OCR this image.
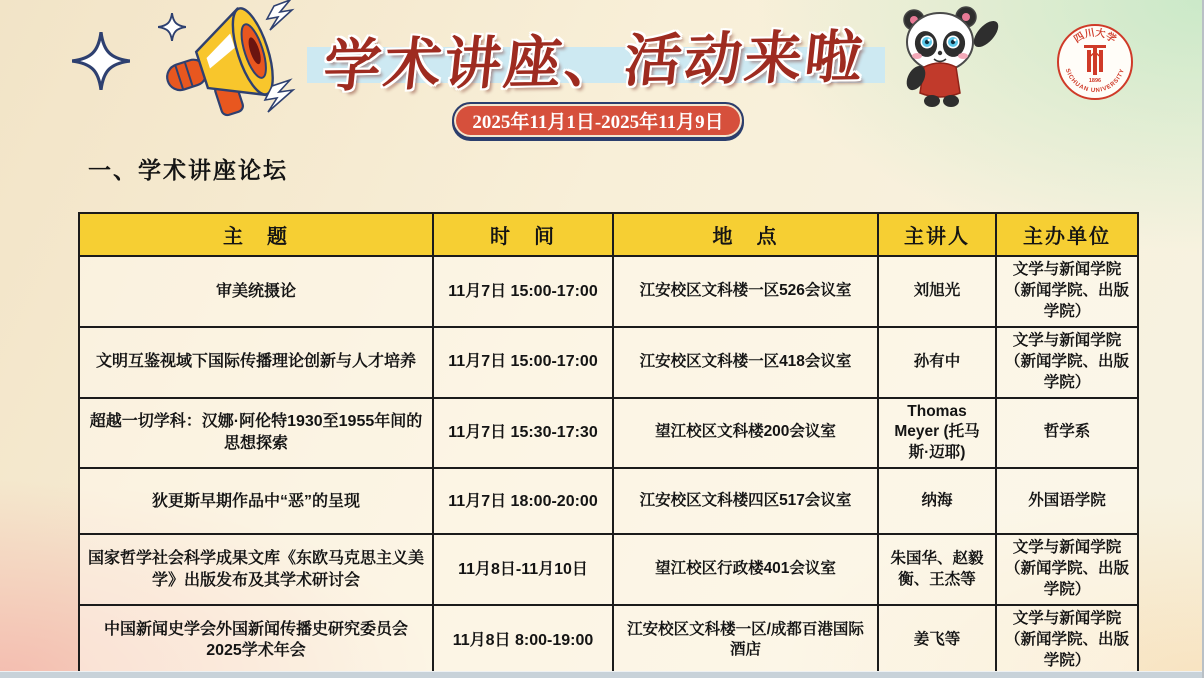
学术讲座、活动来啦
2025年11月1日-2025年11月9日
四川大学
SICHUAN UNIVERSITY
1896
一、学术讲座论坛
主　题	时　间	地　点	主讲人	主办单位
审美统摄论	11月7日 15:00-17:00	江安校区文科楼一区526会议室	刘旭光	文学与新闻学院（新闻学院、出版学院）
文明互鉴视域下国际传播理论创新与人才培养	11月7日 15:00-17:00	江安校区文科楼一区418会议室	孙有中	文学与新闻学院（新闻学院、出版学院）
超越一切学科：汉娜·阿伦特1930至1955年间的思想探索	11月7日 15:30-17:30	望江校区文科楼200会议室	Thomas Meyer (托马斯·迈耶)	哲学系
狄更斯早期作品中“恶”的呈现	11月7日 18:00-20:00	江安校区文科楼四区517会议室	纳海	外国语学院
国家哲学社会科学成果文库《东欧马克思主义美学》出版发布及其学术研讨会	11月8日-11月10日	望江校区行政楼401会议室	朱国华、赵毅衡、王杰等	文学与新闻学院（新闻学院、出版学院）
中国新闻史学会外国新闻传播史研究委员会2025学术年会	11月8日 8:00-19:00	江安校区文科楼一区/成都百港国际酒店	姜飞等	文学与新闻学院（新闻学院、出版学院）
